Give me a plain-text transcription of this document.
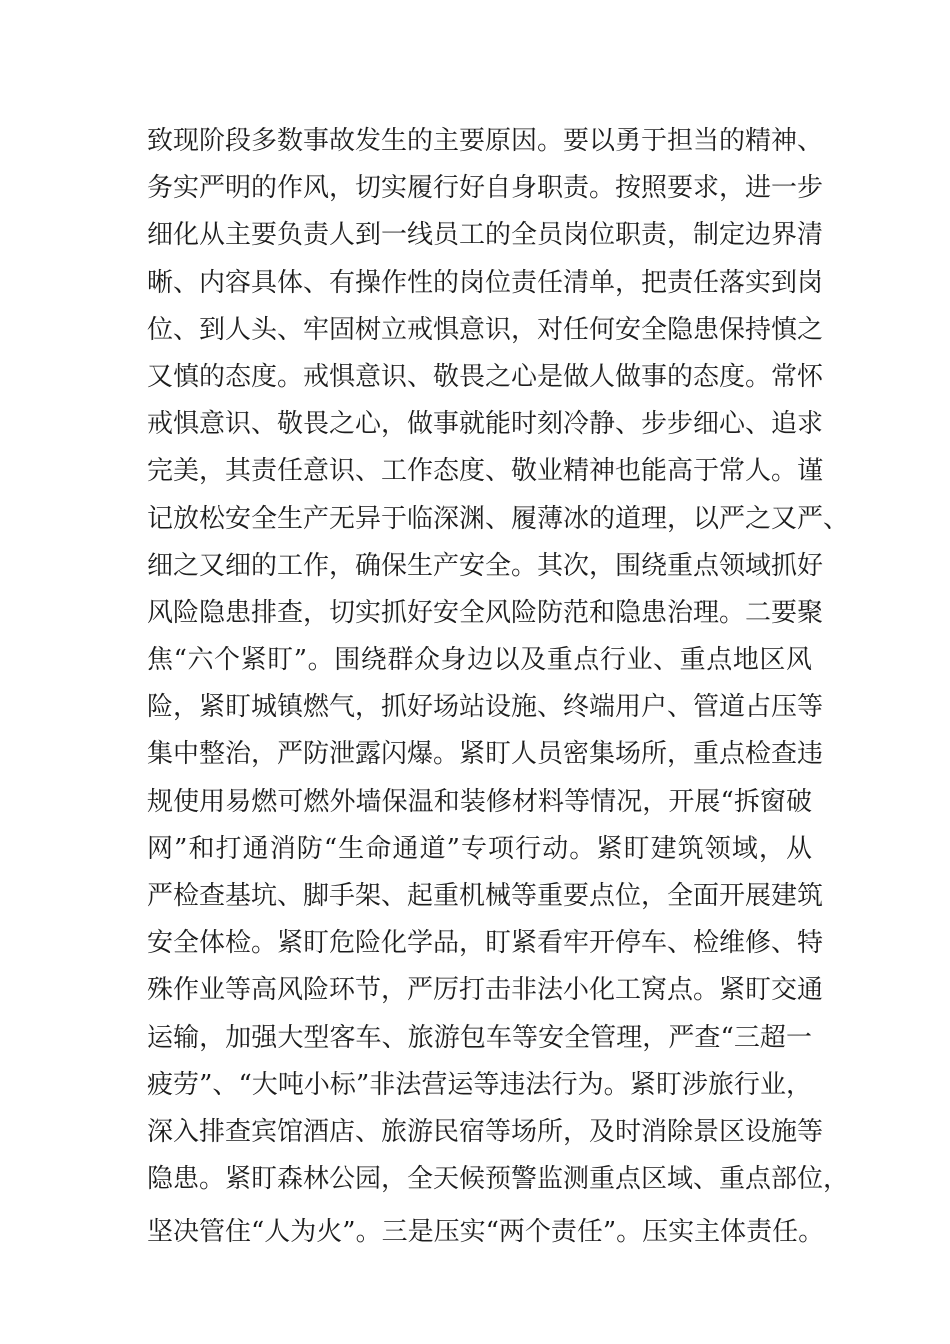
致现阶段多数事故发生的主要原因。要以勇于担当的精神、
务实严明的作风，切实履行好自身职责。按照要求，进一步
细化从主要负责人到一线员工的全员岗位职责，制定边界清
晰、内容具体、有操作性的岗位责任清单，把责任落实到岗
位、到人头、牢固树立戒惧意识，对任何安全隐患保持慎之
又慎的态度。戒惧意识、敬畏之心是做人做事的态度。常怀
戒惧意识、敬畏之心，做事就能时刻冷静、步步细心、追求
完美，其责任意识、工作态度、敬业精神也能高于常人。谨
记放松安全生产无异于临深渊、履薄冰的道理，以严之又严、
细之又细的工作，确保生产安全。其次，围绕重点领域抓好
风险隐患排查，切实抓好安全风险防范和隐患治理。二要聚
焦“六个紧盯”。围绕群众身边以及重点行业、重点地区风
险，紧盯城镇燃气，抓好场站设施、终端用户、管道占压等
集中整治，严防泄露闪爆。紧盯人员密集场所，重点检查违
规使用易燃可燃外墙保温和装修材料等情况，开展“拆窗破
网”和打通消防“生命通道”专项行动。紧盯建筑领域，从
严检查基坑、脚手架、起重机械等重要点位，全面开展建筑
安全体检。紧盯危险化学品，盯紧看牢开停车、检维修、特
殊作业等高风险环节，严厉打击非法小化工窝点。紧盯交通
运输，加强大型客车、旅游包车等安全管理，严查“三超一
疲劳”、“大吨小标”非法营运等违法行为。紧盯涉旅行业，
深入排查宾馆酒店、旅游民宿等场所，及时消除景区设施等
隐患。紧盯森林公园，全天候预警监测重点区域、重点部位，
坚决管住“人为火”。三是压实“两个责任”。压实主体责任。
